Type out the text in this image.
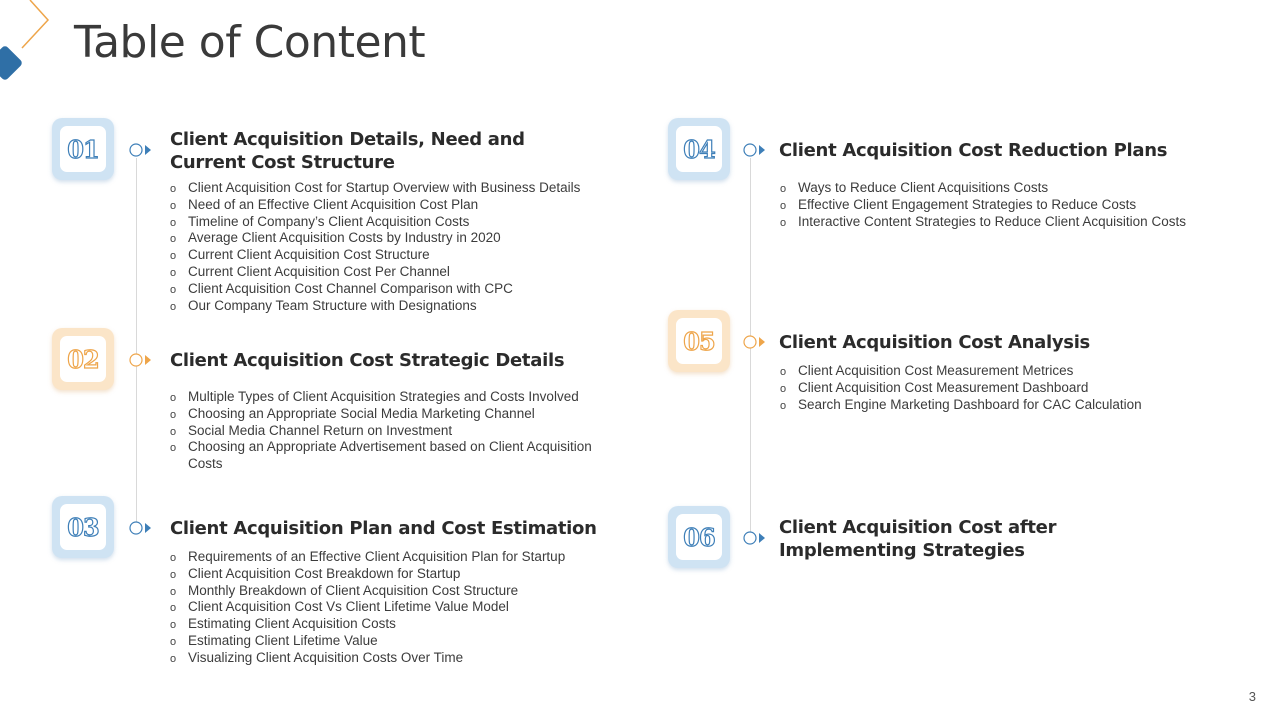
Table of Content
01	Client Acquisition Details, Need and Current Cost Structure
o Client Acquisition Cost for Startup Overview with Business Details
o Need of an Effective Client Acquisition Cost Plan
o Timeline of Company’s Client Acquisition Costs
o Average Client Acquisition Costs by Industry in 2020
o Current Client Acquisition Cost Structure
o Current Client Acquisition Cost Per Channel
o Client Acquisition Cost Channel Comparison with CPC
o Our Company Team Structure with Designations
02	Client Acquisition Cost Strategic Details
o Multiple Types of Client Acquisition Strategies and Costs Involved
o Choosing an Appropriate Social Media Marketing Channel
o Social Media Channel Return on Investment
o Choosing an Appropriate Advertisement based on Client Acquisition Costs
03	Client Acquisition Plan and Cost Estimation
o Requirements of an Effective Client Acquisition Plan for Startup
o Client Acquisition Cost Breakdown for Startup
o Monthly Breakdown of Client Acquisition Cost Structure
o Client Acquisition Cost Vs Client Lifetime Value Model
o Estimating Client Acquisition Costs
o Estimating Client Lifetime Value
o Visualizing Client Acquisition Costs Over Time
04	Client Acquisition Cost Reduction Plans
o Ways to Reduce Client Acquisitions Costs
o Effective Client Engagement Strategies to Reduce Costs
o Interactive Content Strategies to Reduce Client Acquisition Costs
05	Client Acquisition Cost Analysis
o Client Acquisition Cost Measurement Metrices
o Client Acquisition Cost Measurement Dashboard
o Search Engine Marketing Dashboard for CAC Calculation
06	Client Acquisition Cost after Implementing Strategies
3
